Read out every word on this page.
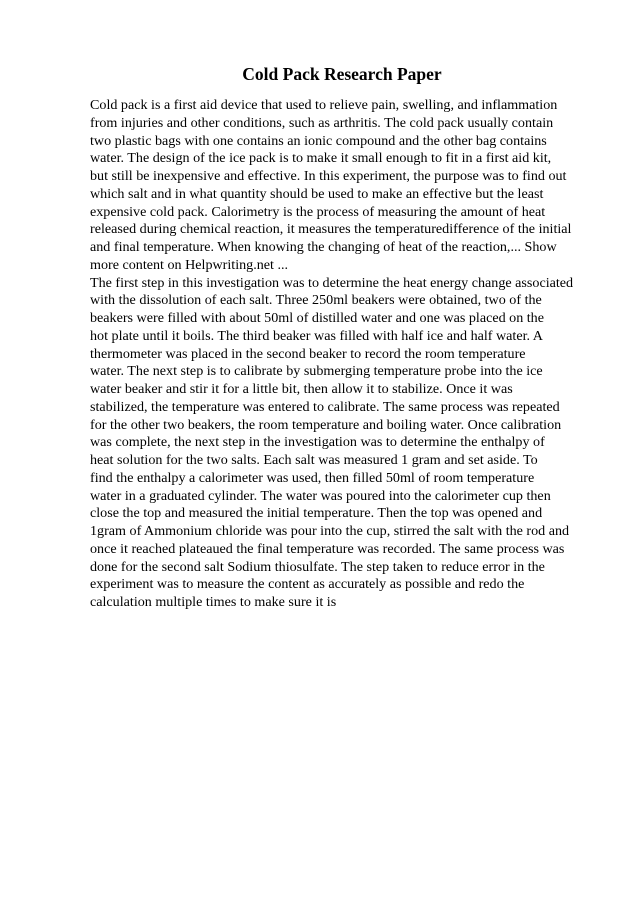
Cold Pack Research Paper
Cold pack is a first aid device that used to relieve pain, swelling, and inflammation
from injuries and other conditions, such as arthritis. The cold pack usually contain
two plastic bags with one contains an ionic compound and the other bag contains
water. The design of the ice pack is to make it small enough to fit in a first aid kit,
but still be inexpensive and effective. In this experiment, the purpose was to find out
which salt and in what quantity should be used to make an effective but the least
expensive cold pack. Calorimetry is the process of measuring the amount of heat
released during chemical reaction, it measures the temperaturedifference of the initial
and final temperature. When knowing the changing of heat of the reaction,... Show
more content on Helpwriting.net ...
The first step in this investigation was to determine the heat energy change associated
with the dissolution of each salt. Three 250ml beakers were obtained, two of the
beakers were filled with about 50ml of distilled water and one was placed on the
hot plate until it boils. The third beaker was filled with half ice and half water. A
thermometer was placed in the second beaker to record the room temperature
water. The next step is to calibrate by submerging temperature probe into the ice
water beaker and stir it for a little bit, then allow it to stabilize. Once it was
stabilized, the temperature was entered to calibrate. The same process was repeated
for the other two beakers, the room temperature and boiling water. Once calibration
was complete, the next step in the investigation was to determine the enthalpy of
heat solution for the two salts. Each salt was measured 1 gram and set aside. To
find the enthalpy a calorimeter was used, then filled 50ml of room temperature
water in a graduated cylinder. The water was poured into the calorimeter cup then
close the top and measured the initial temperature. Then the top was opened and
1gram of Ammonium chloride was pour into the cup, stirred the salt with the rod and
once it reached plateaued the final temperature was recorded. The same process was
done for the second salt Sodium thiosulfate. The step taken to reduce error in the
experiment was to measure the content as accurately as possible and redo the
calculation multiple times to make sure it is
